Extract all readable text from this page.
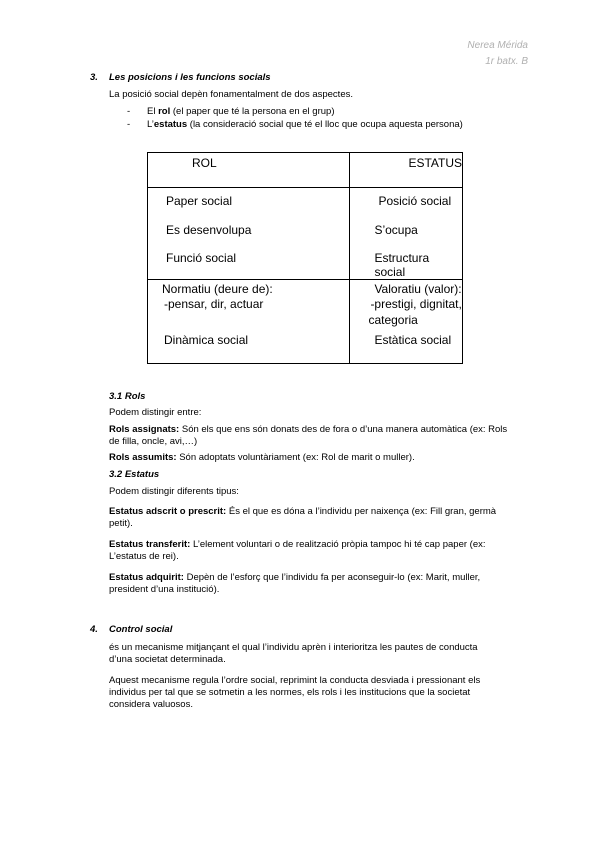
Nerea Mérida
1r batx. B
3. Les posicions i les funcions socials
La posició social depèn fonamentalment de dos aspectes.
- El rol (el paper que té la persona en el grup)
- L’estatus (la consideració social que té el lloc que ocupa aquesta persona)
ROL	ESTATUS
Paper social	Posició social
Es desenvolupa	S’ocupa
Funció social	Estructura social
Normatiu (deure de):	Valoratiu (valor):
-pensar, dir, actuar	-prestigi, dignitat,
	categoria
Dinàmica social	Estàtica social
3.1 Rols
Podem distingir entre:
Rols assignats: Són els que ens són donats des de fora o d’una manera automàtica (ex: Rols
de filla, oncle, avi,…)
Rols assumits: Són adoptats voluntàriament (ex: Rol de marit o muller).
3.2 Estatus
Podem distingir diferents tipus:
Estatus adscrit o prescrit: És el que es dóna a l’individu per naixença (ex: Fill gran, germà
petit).
Estatus transferit: L’element voluntari o de realització pròpia tampoc hi té cap paper (ex:
L’estatus de rei).
Estatus adquirit: Depèn de l’esforç que l’individu fa per aconseguir-lo (ex: Marit, muller,
president d’una institució).
4. Control social
és un mecanisme mitjançant el qual l’individu aprèn i interioritza les pautes de conducta
d’una societat determinada.
Aquest mecanisme regula l’ordre social, reprimint la conducta desviada i pressionant els
individus per tal que se sotmetin a les normes, els rols i les institucions que la societat
considera valuosos.
